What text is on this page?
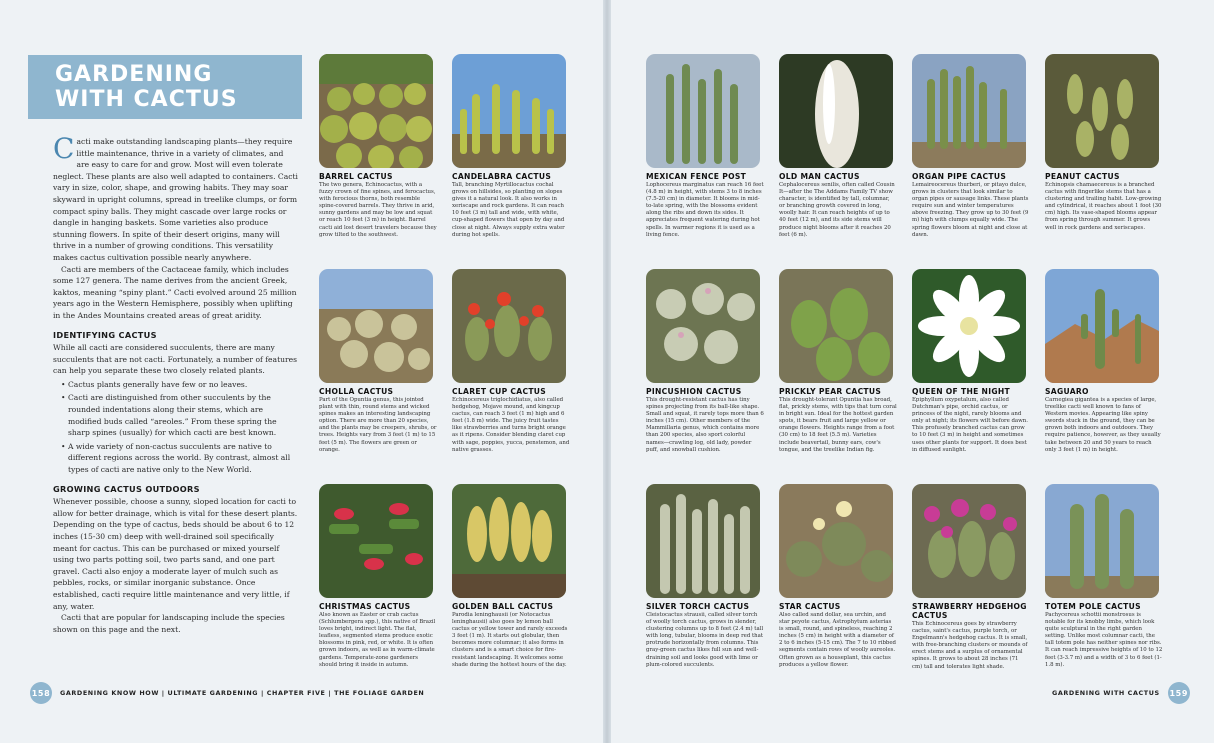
GARDENING
WITH CACTUS

Cacti make outstanding landscaping plants—they require little maintenance, thrive in a variety of climates, and are easy to care for and grow. Most will even tolerate neglect. These plants are also well adapted to containers. Cacti vary in size, color, shape, and growing habits. They may soar skyward in upright columns, spread in treelike clumps, or form compact spiny balls. They might cascade over large rocks or dangle in hanging baskets. Some varieties also produce stunning flowers. In spite of their desert origins, many will thrive in a number of growing conditions. This versatility makes cactus cultivation possible nearly anywhere.

Cacti are members of the Cactaceae family, which includes some 127 genera. The name derives from the ancient Greek, kaktos, meaning “spiny plant.” Cacti evolved around 25 million years ago in the Western Hemisphere, possibly when uplifting in the Andes Mountains created areas of great aridity.

IDENTIFYING CACTUS

While all cacti are considered succulents, there are many succulents that are not cacti. Fortunately, a number of features can help you separate these two closely related plants.

• Cactus plants generally have few or no leaves.
• Cacti are distinguished from other succulents by the rounded indentations along their stems, which are modified buds called “areoles.” From these spring the sharp spines (usually) for which cacti are best known.
• A wide variety of non-cactus succulents are native to different regions across the world. By contrast, almost all types of cacti are native only to the New World.
GROWING CACTUS OUTDOORS

Whenever possible, choose a sunny, sloped location for cacti to allow for better drainage, which is vital for these desert plants. Depending on the type of cactus, beds should be about 6 to 12 inches (15-30 cm) deep with well-drained soil specifically meant for cactus. This can be purchased or mixed yourself using two parts potting soil, two parts sand, and one part gravel. Cacti also enjoy a moderate layer of mulch such as pebbles, rocks, or similar inorganic substance. Once established, cacti require little maintenance and very little, if any, water.

Cacti that are popular for landscaping include the species shown on this page and the next.

BARREL CACTUS

The two genera, Echinocactus, with a fuzzy crown of fine spines, and ferocactus, with ferocious thorns, both resemble spine-covered barrels. They thrive in arid, sunny gardens and may be low and squat or reach 10 feet (3 m) in height. Barrel cacti aid lost desert travelers because they grow tilted to the southwest.

CANDELABRA CACTUS

Tall, branching Myrtillocactus cochal grows on hillsides, so planting on slopes gives it a natural look. It also works in xeriscape and rock gardens. It can reach 10 feet (3 m) tall and wide, with white, cup-shaped flowers that open by day and close at night. Always supply extra water during hot spells.

CHOLLA CACTUS

Part of the Opuntia genus, this jointed plant with thin, round stems and wicked spines makes an interesting landscaping option. There are more than 20 species, and the plants may be creepers, shrubs, or trees. Heights vary from 3 feet (1 m) to 15 feet (5 m). The flowers are green or orange.

CLARET CUP CACTUS

Echinocereus triglochidiatus, also called hedgehog, Mojave mound, and kingcup cactus, can reach 3 feet (1 m) high and 6 feet (1.8 m) wide. The juicy fruit tastes like strawberries and turns bright orange as it ripens. Consider blending claret cup with sage, poppies, yucca, penstemon, and native grasses.

CHRISTMAS CACTUS

Also known as Easter or crab cactus (Schlumbergera spp.), this native of Brazil loves bright, indirect light. The flat, leafless, segmented stems produce exotic blossoms in pink, red, or white. It is often grown indoors, as well as in warm-climate gardens. Temperate-zone gardeners should bring it inside in autumn.

GOLDEN BALL CACTUS

Parodia leninghausii (or Notocactus leninghausii) also goes by lemon ball cactus or yellow tower and rarely exceeds 3 feet (1 m). It starts out globular, then becomes more columnar; it also forms in clusters and is a smart choice for fire-resistant landscaping. It welcomes some shade during the hottest hours of the day.

MEXICAN FENCE POST

Lophocereus marginatus can reach 16 feet (4.8 m) in height, with stems 3 to 8 inches (7.5-20 cm) in diameter. It blooms in mid-to-late spring, with the blossoms evident along the ribs and down its sides. It appreciates frequent watering during hot spells. In warmer regions it is used as a living fence.

OLD MAN CACTUS

Cephalocereus senilis, often called Cousin It—after the The Addams Family TV show character, is identified by tall, columnar, or branching growth covered in long, woolly hair. It can reach heights of up to 40 feet (12 m), and its side stems will produce night blooms after it reaches 20 feet (6 m).

ORGAN PIPE CACTUS

Lemaireocereus thurberi, or pitayo dulce, grows in clusters that look similar to organ pipes or sausage links. These plants require sun and winter temperatures above freezing. They grow up to 30 feet (9 m) high with clumps equally wide. The spring flowers bloom at night and close at dawn.

PEANUT CACTUS

Echinopsis chamaecereus is a branched cactus with fingerlike stems that has a clustering and trailing habit. Low-growing and cylindrical, it reaches about 1 foot (30 cm) high. Its vase-shaped blooms appear from spring through summer. It grows well in rock gardens and xeriscapes.

PINCUSHION CACTUS

This drought-resistant cactus has tiny spines projecting from its ball-like shape. Small and squat, it rarely tops more than 6 inches (15 cm). Other members of the Mammillaria genus, which contains more than 200 species, also sport colorful names—crawling log, old lady, powder puff, and snowball cushion.

PRICKLY PEAR CACTUS

This drought-tolerant Opuntia has broad, flat, prickly stems, with tips that turn coral in bright sun. Ideal for the hottest garden spots, it bears fruit and large yellow or orange flowers. Heights range from a foot (30 cm) to 18 feet (5.5 m). Varieties include beavertail, bunny ears, cow's tongue, and the treelike Indian fig.

QUEEN OF THE NIGHT

Epiphyllum oxypetalum, also called Dutchman's pipe, orchid cactus, or princess of the night, rarely blooms and only at night; its flowers wilt before dawn. This profusely branched cactus can grow to 10 feet (3 m) in height and sometimes uses other plants for support. It does best in diffused sunlight.

SAGUARO

Carnegiea gigantea is a species of large, treelike cacti well known to fans of Western movies. Appearing like spiny swords stuck in the ground, they can be grown both indoors and outdoors. They require patience, however, as they usually take between 20 and 50 years to reach only 3 feet (1 m) in height.

SILVER TORCH CACTUS

Cleistocactus strausii, called silver torch of woolly torch cactus, grows in slender, clustering columns up to 8 feet (2.4 m) tall with long, tubular, blooms in deep red that protrude horizontally from columns. This gray-green cactus likes full sun and well-draining soil and looks good with lime or plum-colored succulents.

STAR CACTUS

Also called sand dollar, sea urchin, and star peyote cactus, Astrophytum asterias is small, round, and spineless, reaching 2 inches (5 cm) in height with a diameter of 2 to 6 inches (5-15 cm). The 7 to 10 ribbed segments contain rows of woolly aureoles. Often grown as a houseplant, this cactus produces a yellow flower.

STRAWBERRY HEDGEHOG CACTUS

This Echinocereus goes by strawberry cactus, saint's cactus, purple torch, or Engelmann's hedgehog cactus. It is small, with free-branching clusters or mounds of erect stems and a surplus of ornamental spines. It grows to about 28 inches (71 cm) tall and tolerates light shade.

TOTEM POLE CACTUS

Pachycereus schottii monstrosus is notable for its knobby limbs, which look quite sculptural in the right garden setting. Unlike most columnar cacti, the tall totem pole has neither spines nor ribs. It can reach impressive heights of 10 to 12 feet (3-3.7 m) and a width of 3 to 6 feet (1-1.8 m).

158 GARDENING KNOW HOW | ULTIMATE GARDENING | CHAPTER FIVE | THE FOLIAGE GARDEN	GARDENING WITH CACTUS 159
